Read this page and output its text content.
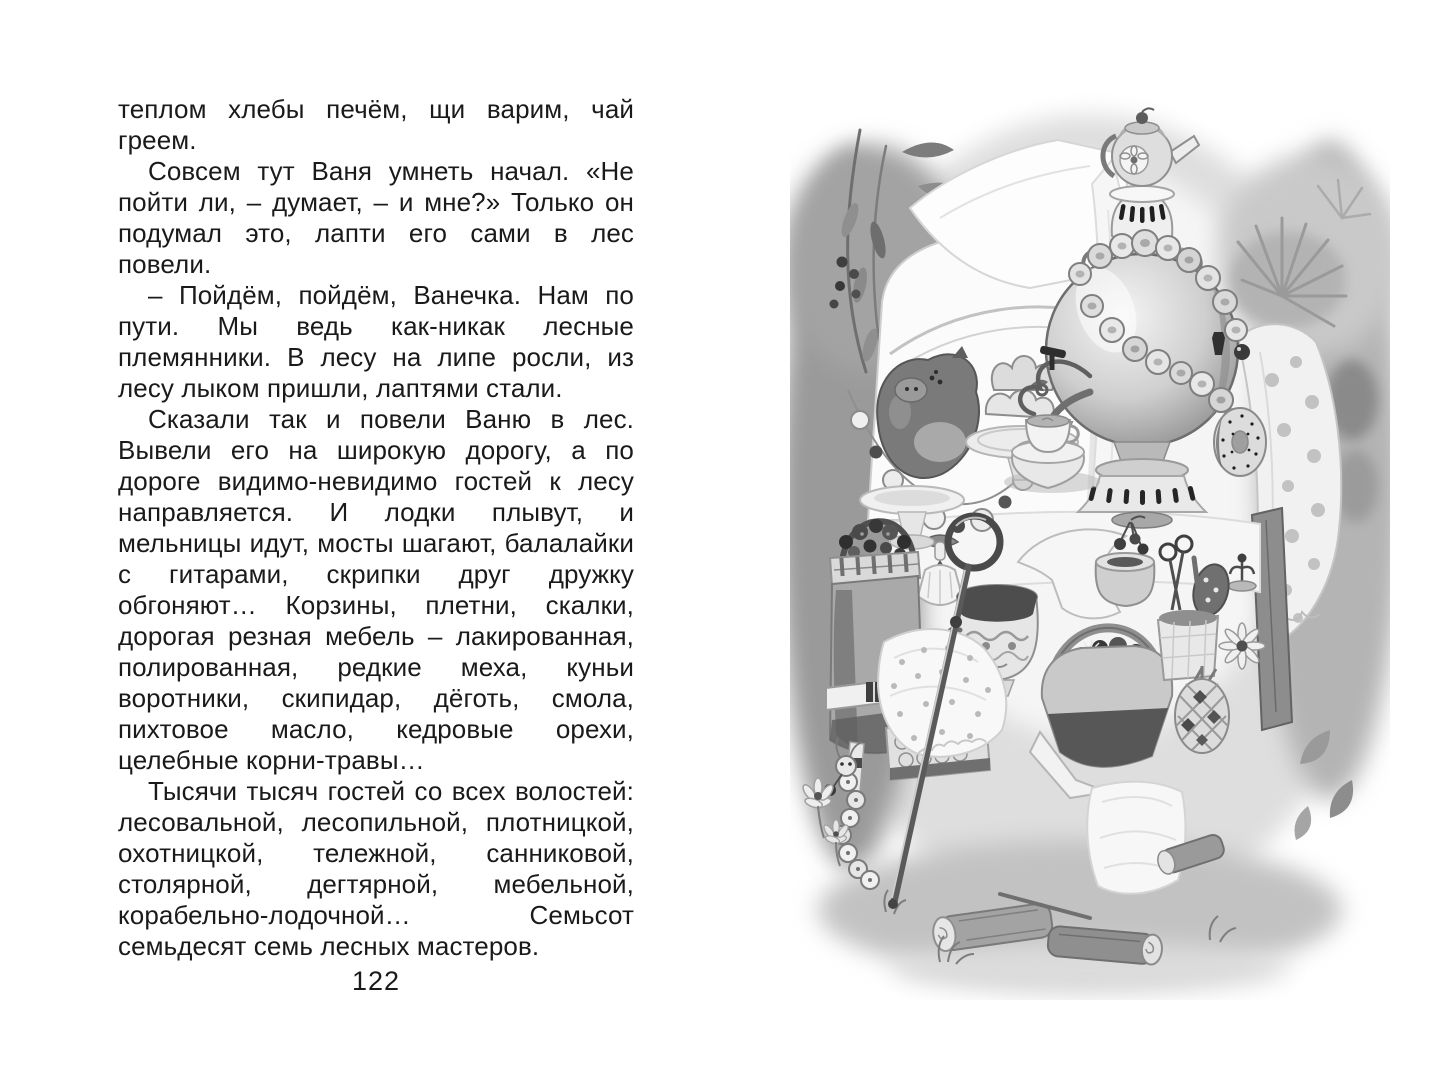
теплом хлебы печём, щи варим, чай греем.

Совсем тут Ваня умнеть начал. «Не пойти ли, – думает, – и мне?» Только он подумал это, лапти его сами в лес повели.

– Пойдём, пойдём, Ванечка. Нам по пути. Мы ведь как-никак лесные племянники. В лесу на липе росли, из лесу лыком пришли, лаптями стали.

Сказали так и повели Ваню в лес. Вывели его на широкую дорогу, а по дороге видимо-невидимо гостей к лесу направляется. И лодки плывут, и мельницы идут, мосты шагают, балалайки с гитарами, скрипки друг дружку обгоняют… Корзины, плетни, скалки, дорогая резная мебель – лакированная, полированная, редкие меха, куньи воротники, скипидар, дёготь, смола, пихтовое масло, кедровые орехи, целебные корни-травы…

Тысячи тысяч гостей со всех волостей: лесовальной, лесопильной, плотницкой, охотницкой, тележной, санниковой, столярной, дегтярной, мебельной, корабельно-лодочной… Семьсот семьдесят семь лесных мастеров.

122
